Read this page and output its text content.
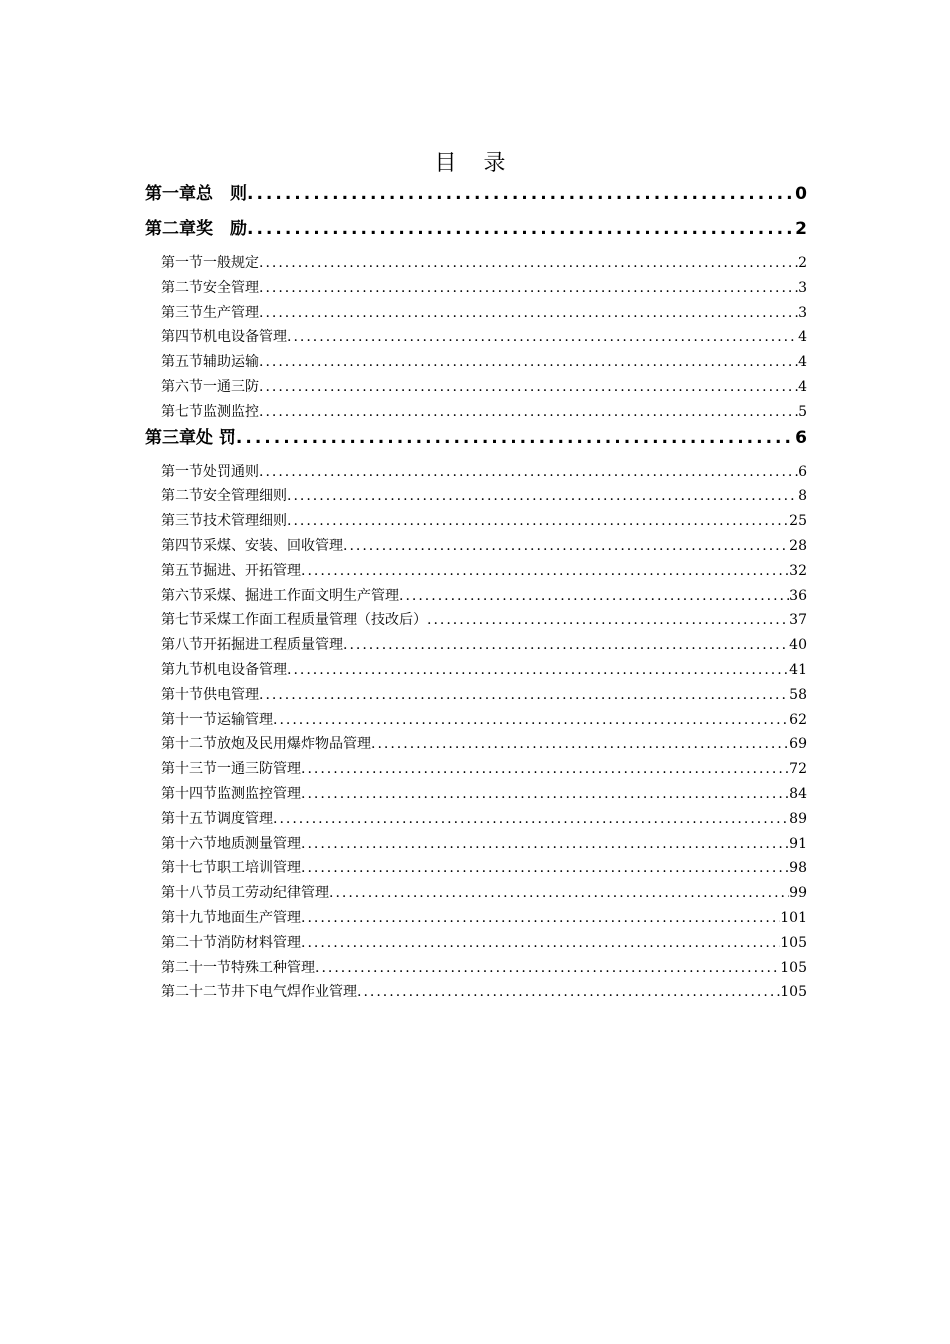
目 录
第一章 总　则 .....	0
第二章 奖　励 .....	2
第一节 一般规定 .....	2
第二节 安全管理 .....	3
第三节 生产管理 .....	3
第四节 机电设备管理 .....	4
第五节 辅助运输 .....	4
第六节 一通三防 .....	4
第七节 监测监控 .....	5
第三章 处 罚 .....	6
第一节 处罚通则 .....	6
第二节 安全管理细则 .....	8
第三节 技术管理细则 .....	25
第四节 采煤、安装、回收管理 .....	28
第五节 掘进、开拓管理 .....	32
第六节 采煤、掘进工作面文明生产管理 .....	36
第七节 采煤工作面工程质量管理（技改后） .....	37
第八节 开拓掘进工程质量管理 .....	40
第九节 机电设备管理 .....	41
第十节 供电管理 .....	58
第十一节 运输管理 .....	62
第十二节 放炮及民用爆炸物品管理 .....	69
第十三节 一通三防管理 .....	72
第十四节 监测监控管理 .....	84
第十五节 调度管理 .....	89
第十六节 地质测量管理 .....	91
第十七节 职工培训管理 .....	98
第十八节 员工劳动纪律管理 .....	99
第十九节 地面生产管理 .....	101
第二十节 消防材料管理 .....	105
第二十一节 特殊工种管理 .....	105
第二十二节 井下电气焊作业管理 .....	105
